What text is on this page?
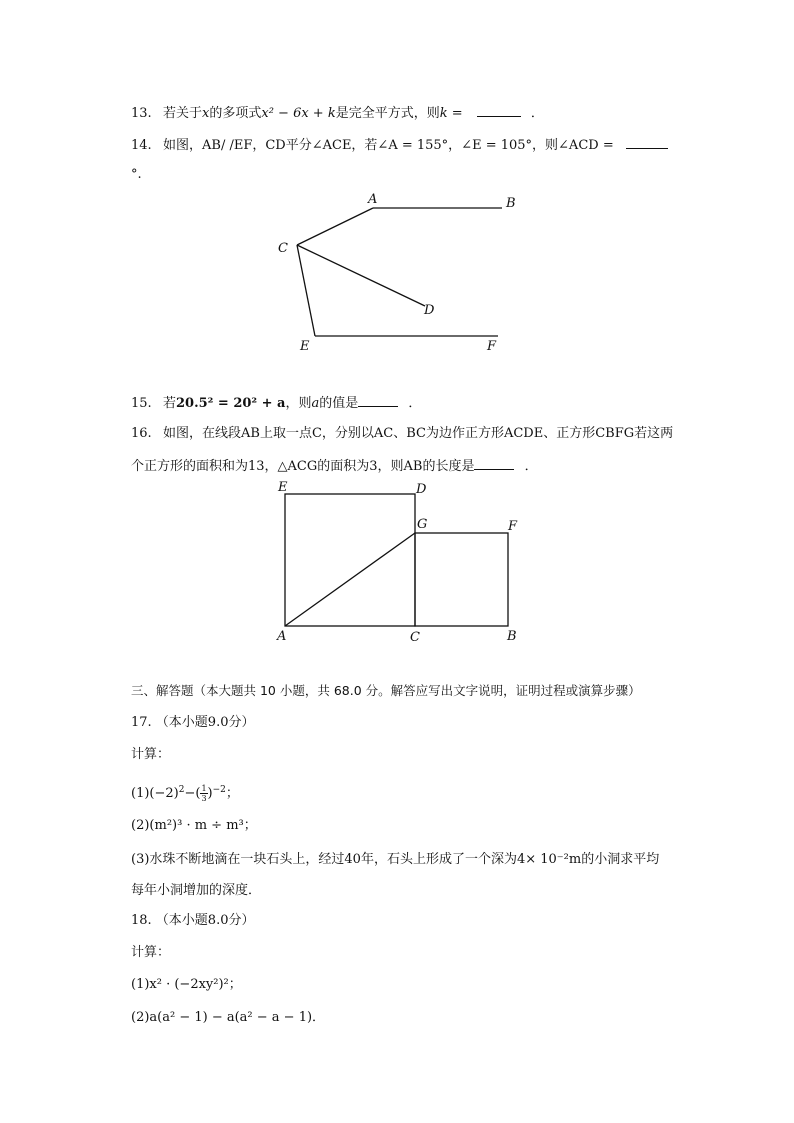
13. 若关于x的多项式x² − 6x + k是完全平方式，则k =	．
14. 如图，AB/ /EF，CD平分∠ACE，若∠A = 155°，∠E = 105°，则∠ACD =
°.
A	B
C
D
E	F
15. 若20.5² = 20² + a，则a的值是	．
16. 如图，在线段AB上取一点C，分别以AC、BC为边作正方形ACDE、正方形CBFG若这两
个正方形的面积和为13，△ACG的面积为3，则AB的长度是	．
E	D
G	F
A	C	B
三、解答题（本大题共 10 小题，共 68.0 分。解答应写出文字说明，证明过程或演算步骤）
17. （本小题9.0分）
计算：
$(1)(-2)^2-( \frac{1}{3} )^{-2}$；
(2)(m²)³ · m ÷ m³；
(3)水珠不断地滴在一块石头上，经过40年，石头上形成了一个深为4× 10⁻²m的小洞求平均
每年小洞增加的深度．
18. （本小题8.0分）
计算：
(1)x² · (−2xy²)²；
(2)a(a² − 1) − a(a² − a − 1)．
